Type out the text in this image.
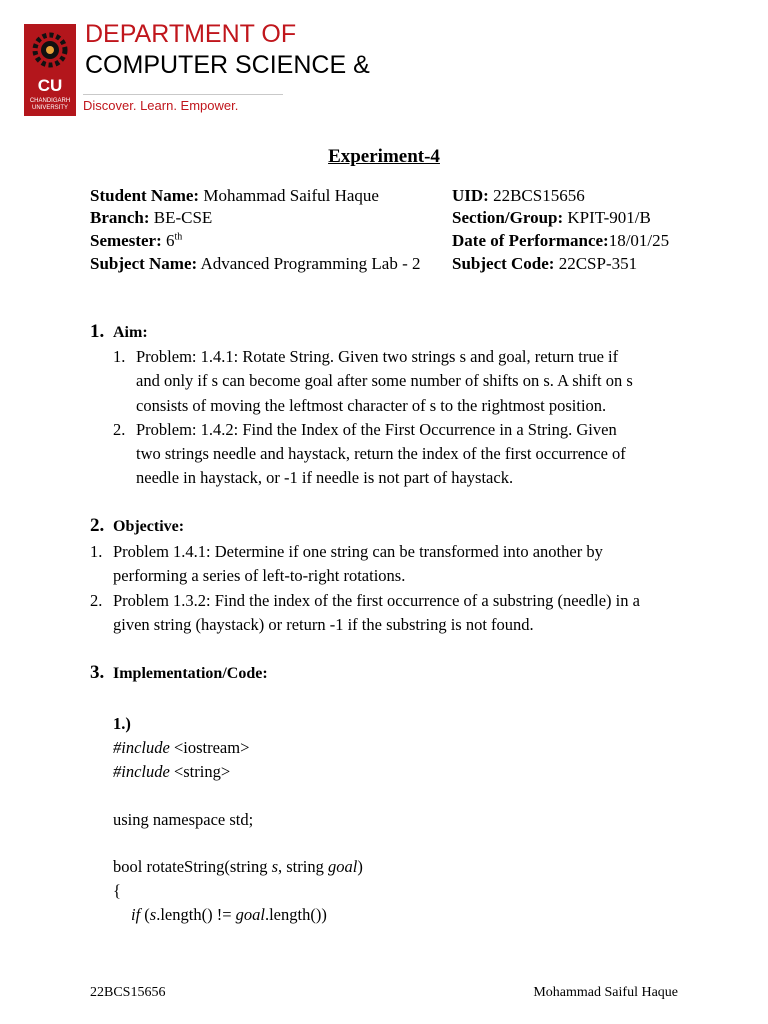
CU
CHANDIGARH UNIVERSITY
DEPARTMENT OF
COMPUTER SCIENCE &
Discover. Learn. Empower.
Experiment-4
Student Name: Mohammad Saiful Haque	UID: 22BCS15656
Branch: BE-CSE	Section/Group: KPIT-901/B
Semester: 6th	Date of Performance:18/01/25
Subject Name: Advanced Programming Lab - 2 Subject Code: 22CSP-351
1. Aim:
1. Problem: 1.4.1: Rotate String. Given two strings s and goal, return true if
and only if s can become goal after some number of shifts on s. A shift on s
consists of moving the leftmost character of s to the rightmost position.
2. Problem: 1.4.2: Find the Index of the First Occurrence in a String. Given
two strings needle and haystack, return the index of the first occurrence of
needle in haystack, or -1 if needle is not part of haystack.
2. Objective:
1. Problem 1.4.1: Determine if one string can be transformed into another by
performing a series of left-to-right rotations.
2. Problem 1.3.2: Find the index of the first occurrence of a substring (needle) in a
given string (haystack) or return -1 if the substring is not found.
3. Implementation/Code:
1.)
#include <iostream>
#include <string>
using namespace std;
bool rotateString(string s, string goal)
{
if (s.length() != goal.length())
22BCS15656	Mohammad Saiful Haque
